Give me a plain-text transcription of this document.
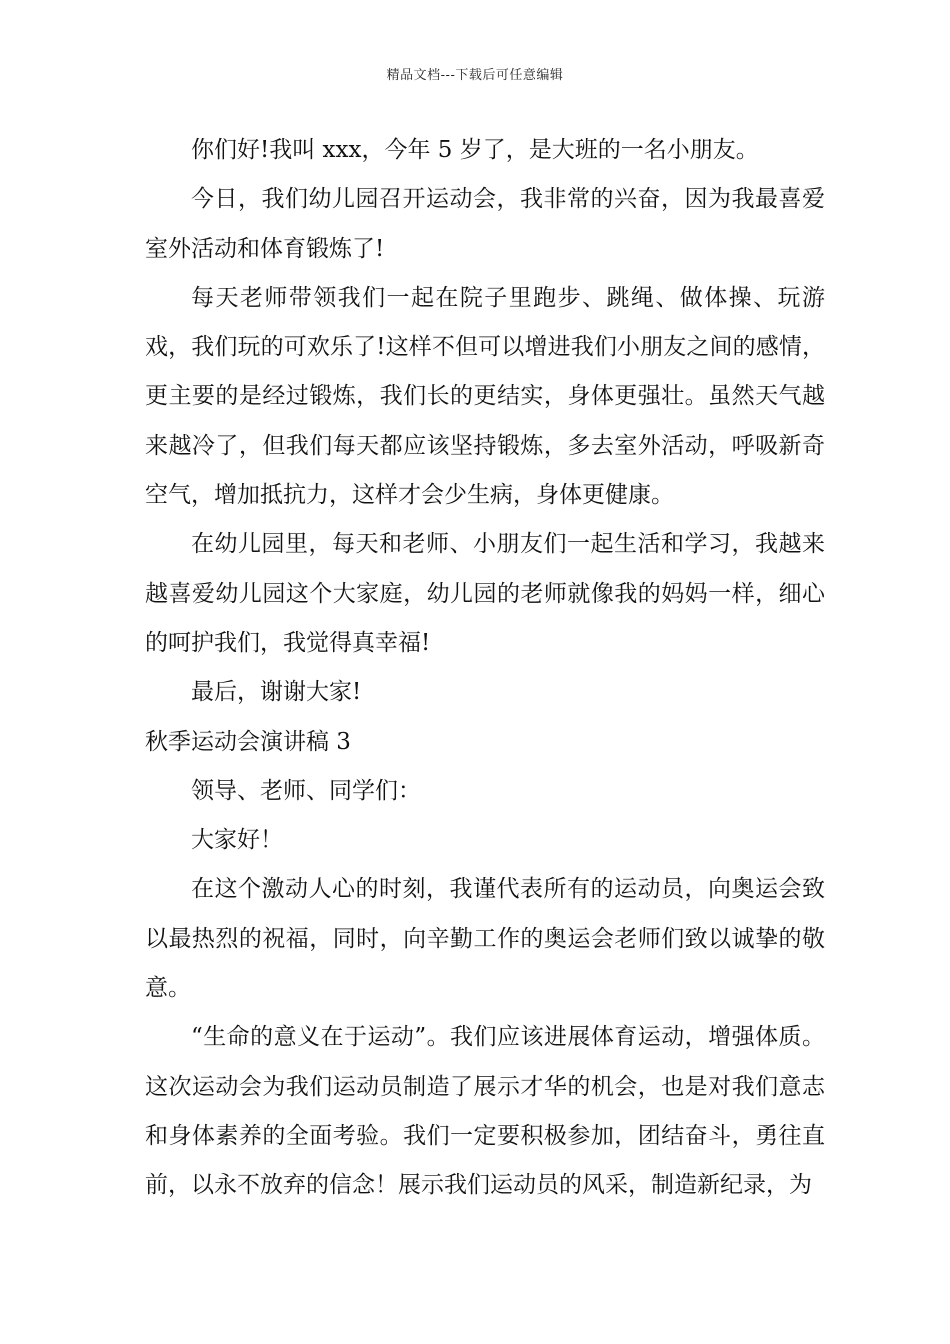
精品文档---下载后可任意编辑

你们好!我叫 xxx，今年 5 岁了，是大班的一名小朋友。

今日，我们幼儿园召开运动会，我非常的兴奋，因为我最喜爱室外活动和体育锻炼了!

每天老师带领我们一起在院子里跑步、跳绳、做体操、玩游戏，我们玩的可欢乐了!这样不但可以增进我们小朋友之间的感情，更主要的是经过锻炼，我们长的更结实，身体更强壮。虽然天气越来越冷了，但我们每天都应该坚持锻炼，多去室外活动，呼吸新奇空气，增加抵抗力，这样才会少生病，身体更健康。

在幼儿园里，每天和老师、小朋友们一起生活和学习，我越来越喜爱幼儿园这个大家庭，幼儿园的老师就像我的妈妈一样，细心的呵护我们，我觉得真幸福!

最后，谢谢大家!

秋季运动会演讲稿 3

领导、老师、同学们：

大家好！

在这个激动人心的时刻，我谨代表所有的运动员，向奥运会致以最热烈的祝福，同时，向辛勤工作的奥运会老师们致以诚挚的敬意。

“生命的意义在于运动”。我们应该进展体育运动，增强体质。这次运动会为我们运动员制造了展示才华的机会，也是对我们意志和身体素养的全面考验。我们一定要积极参加，团结奋斗，勇往直前，以永不放弃的信念！展示我们运动员的风采，制造新纪录，为
